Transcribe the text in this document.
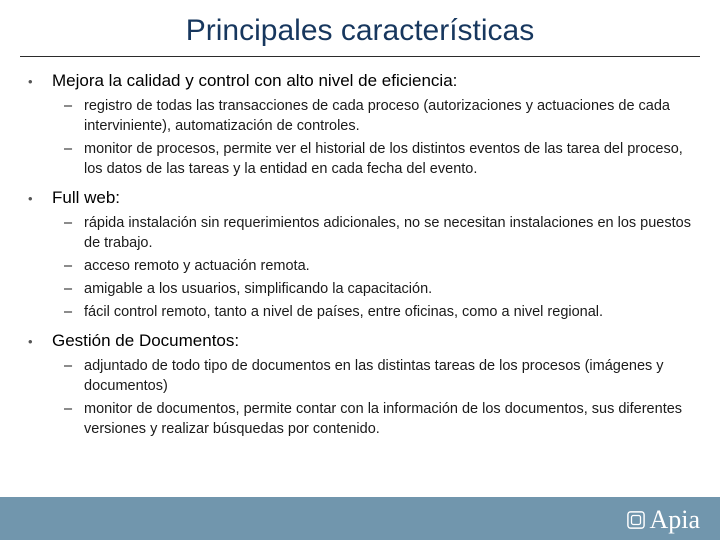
Principales características
• Mejora la calidad y control con alto nivel de eficiencia:
– registro de todas las transacciones de cada proceso (autorizaciones y actuaciones de cada interviniente), automatización de controles.
– monitor de procesos, permite ver el historial de los distintos eventos de las tarea del proceso, los datos de las tareas y la entidad en cada fecha del evento.
• Full web:
– rápida instalación sin requerimientos adicionales, no se necesitan instalaciones en los puestos de trabajo.
– acceso remoto y actuación remota.
– amigable a los usuarios, simplificando la capacitación.
– fácil control remoto, tanto a nivel de países, entre oficinas, como a nivel regional.
• Gestión de Documentos:
– adjuntado de todo tipo de documentos en las distintas tareas de los procesos (imágenes y documentos)
– monitor de documentos, permite contar con la información de los documentos, sus diferentes versiones y realizar búsquedas por contenido.
Apia
